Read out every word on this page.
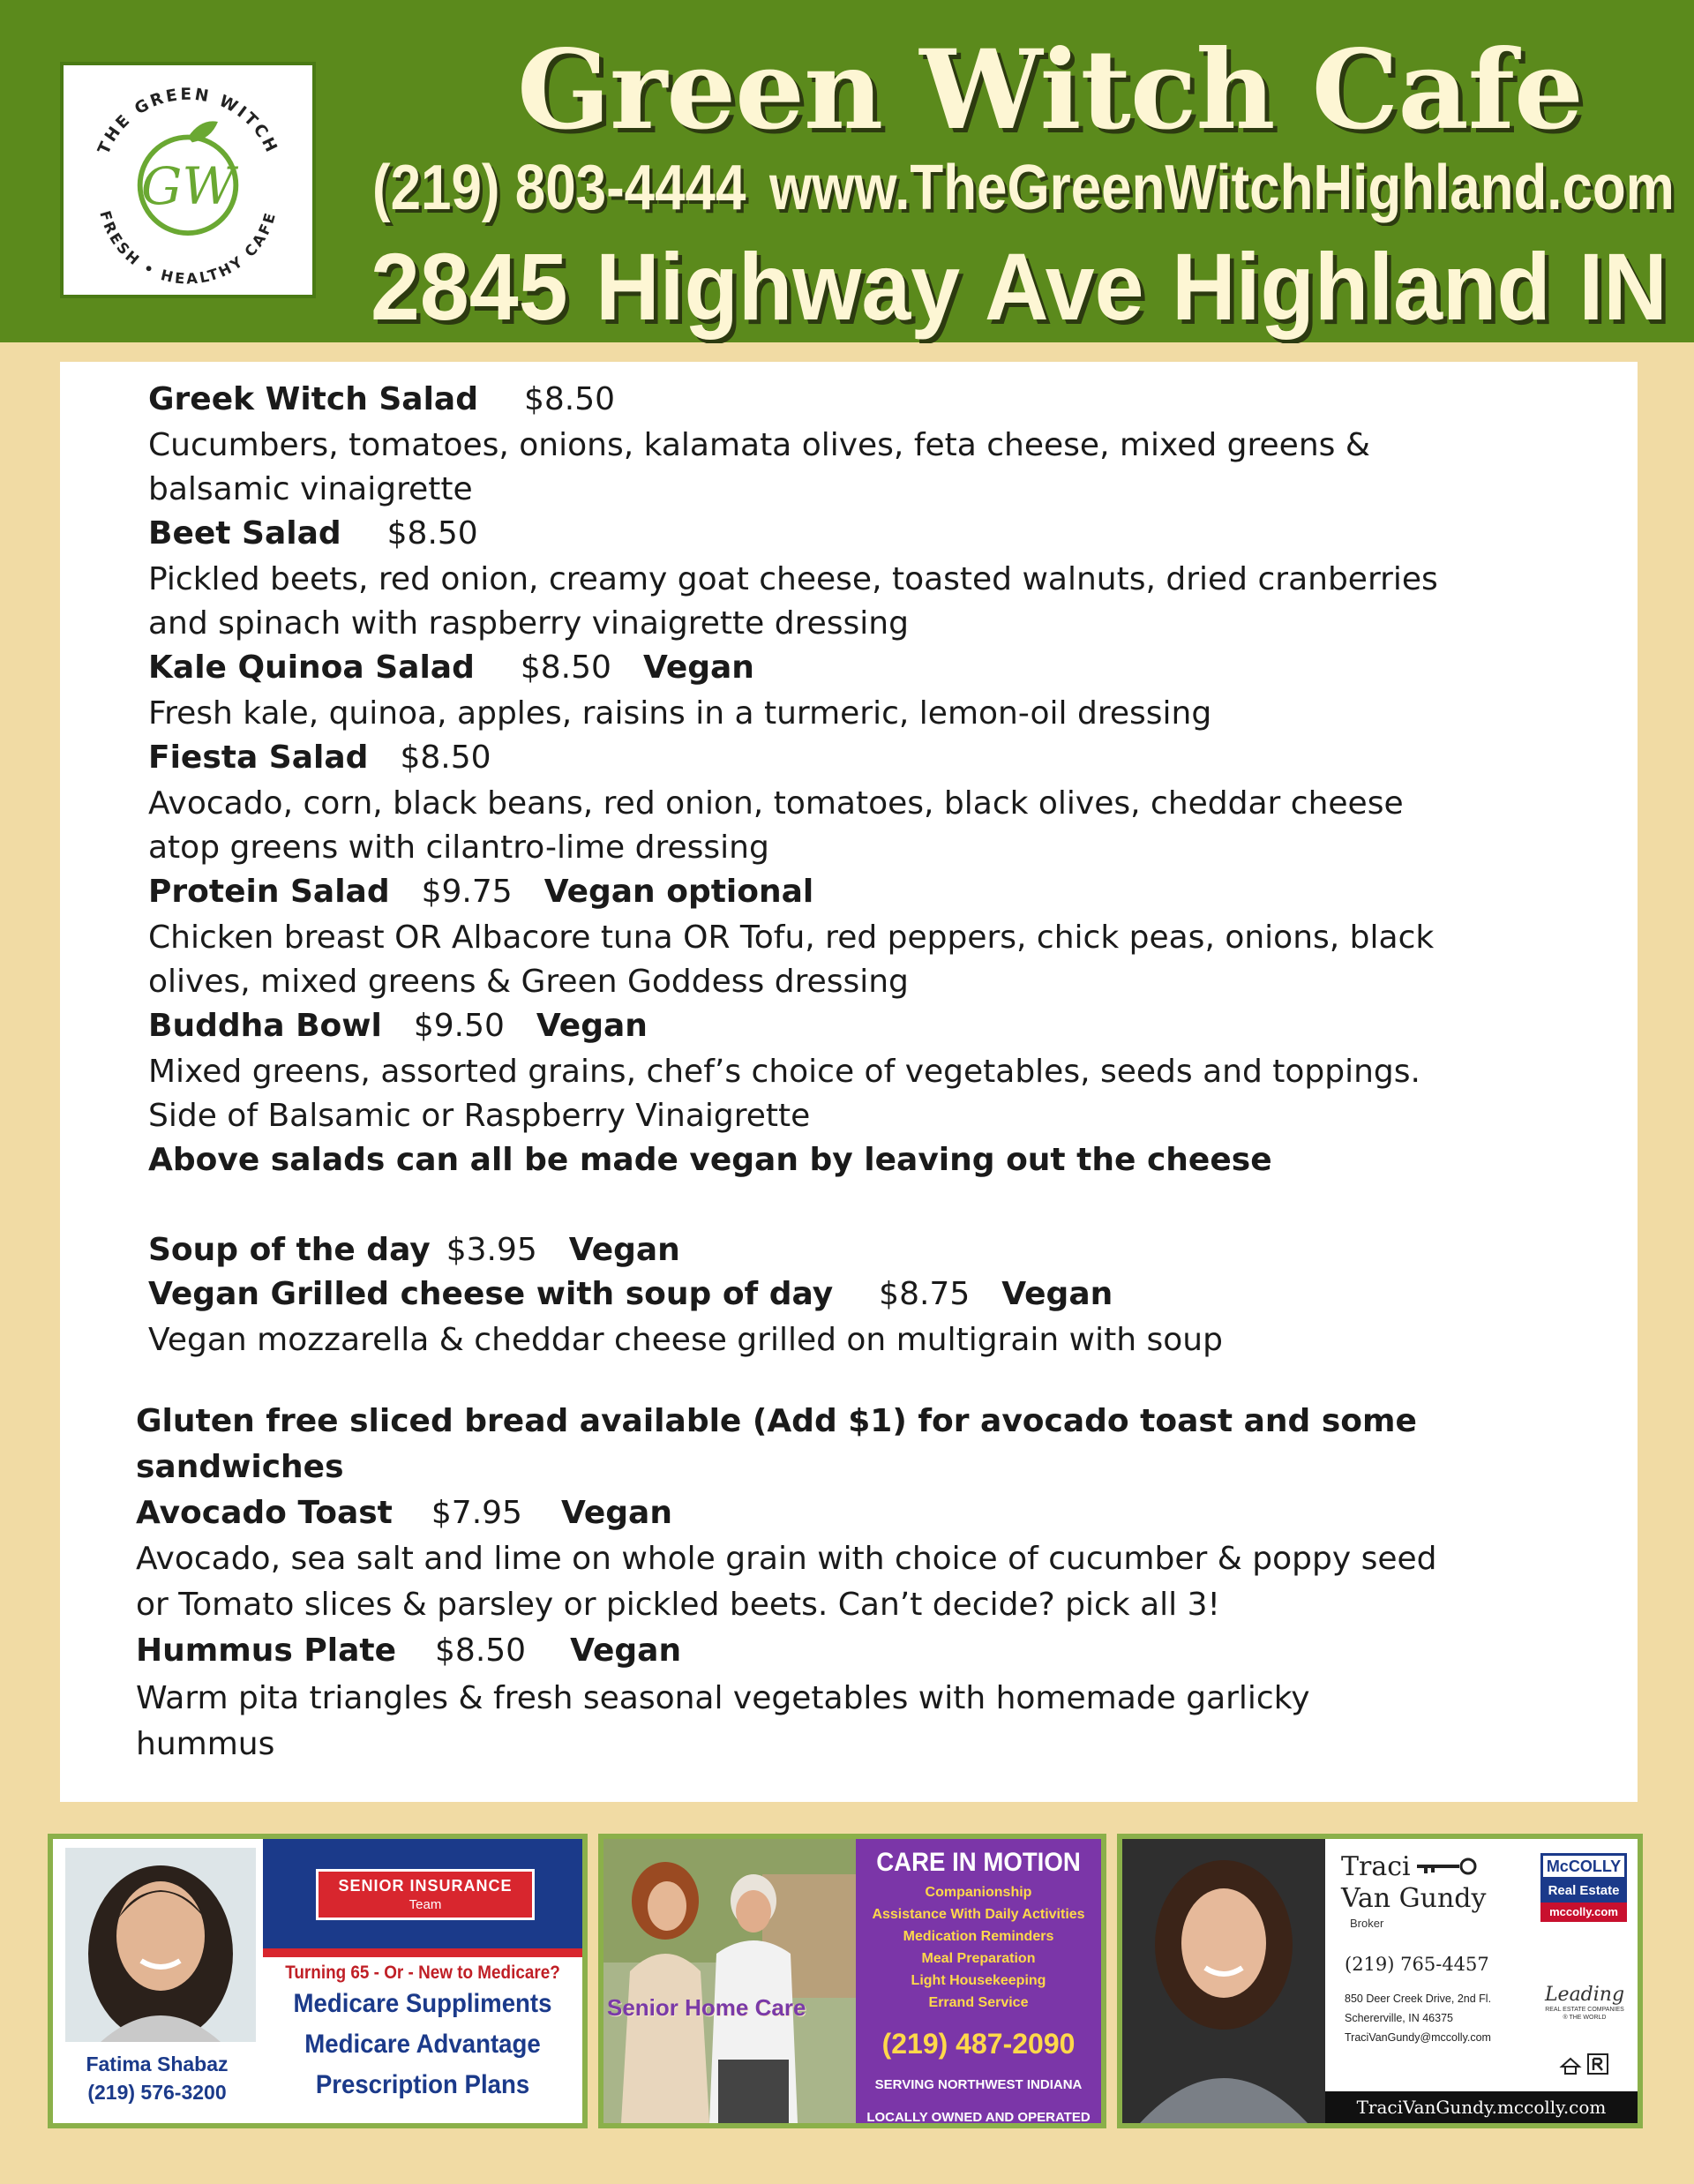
THE GREEN WITCH
FRESH • HEALTHY CAFE
GW
Green Witch Cafe
(219) 803-4444 www.TheGreenWitchHighland.com
2845 Highway Ave Highland IN
Greek Witch Salad $8.50
Cucumbers, tomatoes, onions, kalamata olives, feta cheese, mixed greens &
balsamic vinaigrette
Beet Salad $8.50
Pickled beets, red onion, creamy goat cheese, toasted walnuts, dried cranberries
and spinach with raspberry vinaigrette dressing
Kale Quinoa Salad $8.50 Vegan
Fresh kale, quinoa, apples, raisins in a turmeric, lemon-oil dressing
Fiesta Salad $8.50
Avocado, corn, black beans, red onion, tomatoes, black olives, cheddar cheese
atop greens with cilantro-lime dressing
Protein Salad $9.75 Vegan optional
Chicken breast OR Albacore tuna OR Tofu, red peppers, chick peas, onions, black
olives, mixed greens & Green Goddess dressing
Buddha Bowl $9.50 Vegan
Mixed greens, assorted grains, chef’s choice of vegetables, seeds and toppings.
Side of Balsamic or Raspberry Vinaigrette
Above salads can all be made vegan by leaving out the cheese
Soup of the day $3.95 Vegan
Vegan Grilled cheese with soup of day $8.75 Vegan
Vegan mozzarella & cheddar cheese grilled on multigrain with soup
Gluten free sliced bread available (Add $1) for avocado toast and some
sandwiches
Avocado Toast $7.95 Vegan
Avocado, sea salt and lime on whole grain with choice of cucumber & poppy seed
or Tomato slices & parsley or pickled beets. Can’t decide? pick all 3!
Hummus Plate $8.50 Vegan
Warm pita triangles & fresh seasonal vegetables with homemade garlicky
hummus
Fatima Shabaz
(219) 576-3200
SENIOR INSURANCE
Team
Turning 65 - Or - New to Medicare?
Medicare Suppliments
Medicare Advantage
Prescription Plans
Senior Home Care
CARE IN MOTION
Companionship
Assistance With Daily Activities
Medication Reminders
Meal Preparation
Light Housekeeping
Errand Service
(219) 487-2090
SERVING NORTHWEST INDIANA
LOCALLY OWNED AND OPERATED
Traci
Van Gundy
Broker
McCOLLY
Real Estate
mccolly.com
(219) 765-4457
850 Deer Creek Drive, 2nd Fl.
Schererville, IN 46375
TraciVanGundy@mccolly.com
Leading
REAL ESTATE COMPANIES
® THE WORLD
TraciVanGundy.mccolly.com
